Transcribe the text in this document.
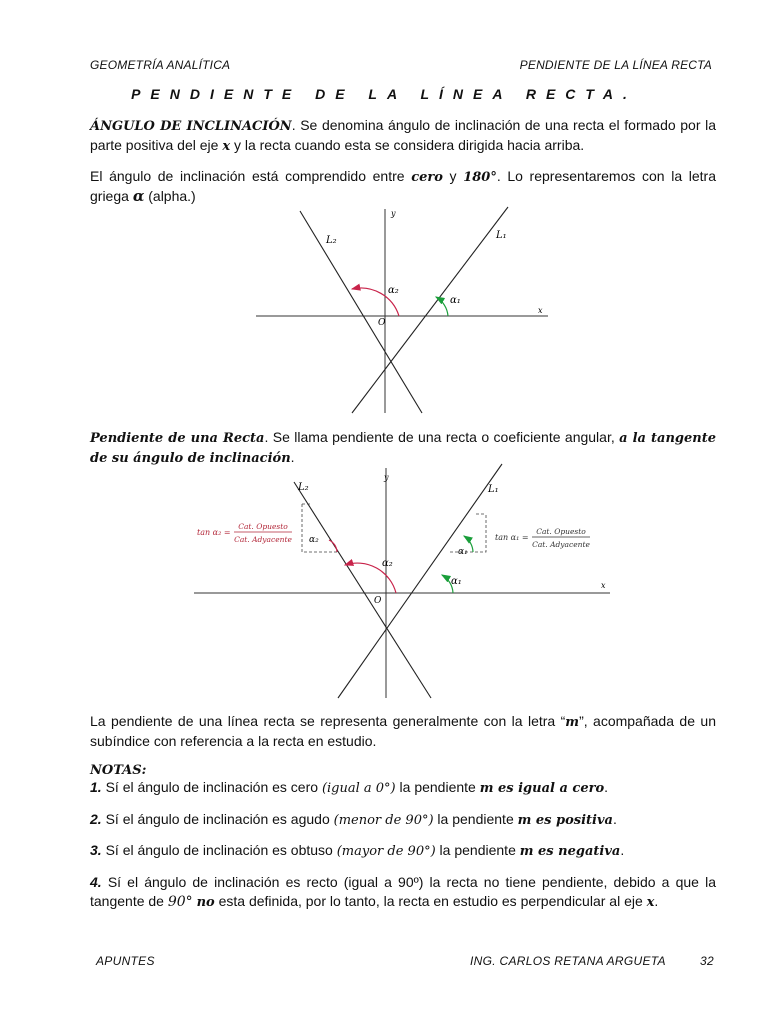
GEOMETRÍA ANALÍTICA	PENDIENTE DE LA LÍNEA RECTA
PENDIENTE DE LA LÍNEA RECTA.
ÁNGULO DE INCLINACIÓN. Se denomina ángulo de inclinación de una recta el formado por la parte positiva del eje x y la recta cuando esta se considera dirigida hacia arriba.
El ángulo de inclinación está comprendido entre cero y 180°. Lo representaremos con la letra griega α (alpha.)
L₂	L₁
α₁
α₂
O
x
y
Pendiente de una Recta. Se llama pendiente de una recta o coeficiente angular, a la tangente de su ángulo de inclinación.
L₂	L₁
α₁
α₁
α₂
α₂
O
x
y
tan α₂ =
Cat. Opuesto
Cat. Adyacente	tan α₁ =
Cat. Opuesto
Cat. Adyacente
La pendiente de una línea recta se representa generalmente con la letra “m”, acompañada de un subíndice con referencia a la recta en estudio.
NOTAS:
1. Sí el ángulo de inclinación es cero (igual a 0°) la pendiente m es igual a cero.
2. Sí el ángulo de inclinación es agudo (menor de 90°) la pendiente m es positiva.
3. Sí el ángulo de inclinación es obtuso (mayor de 90°) la pendiente m es negativa.
4. Sí el ángulo de inclinación es recto (igual a 90º) la recta no tiene pendiente, debido a que la tangente de 90° no esta definida, por lo tanto, la recta en estudio es perpendicular al eje x.
APUNTES	ING. CARLOS RETANA ARGUETA	32
